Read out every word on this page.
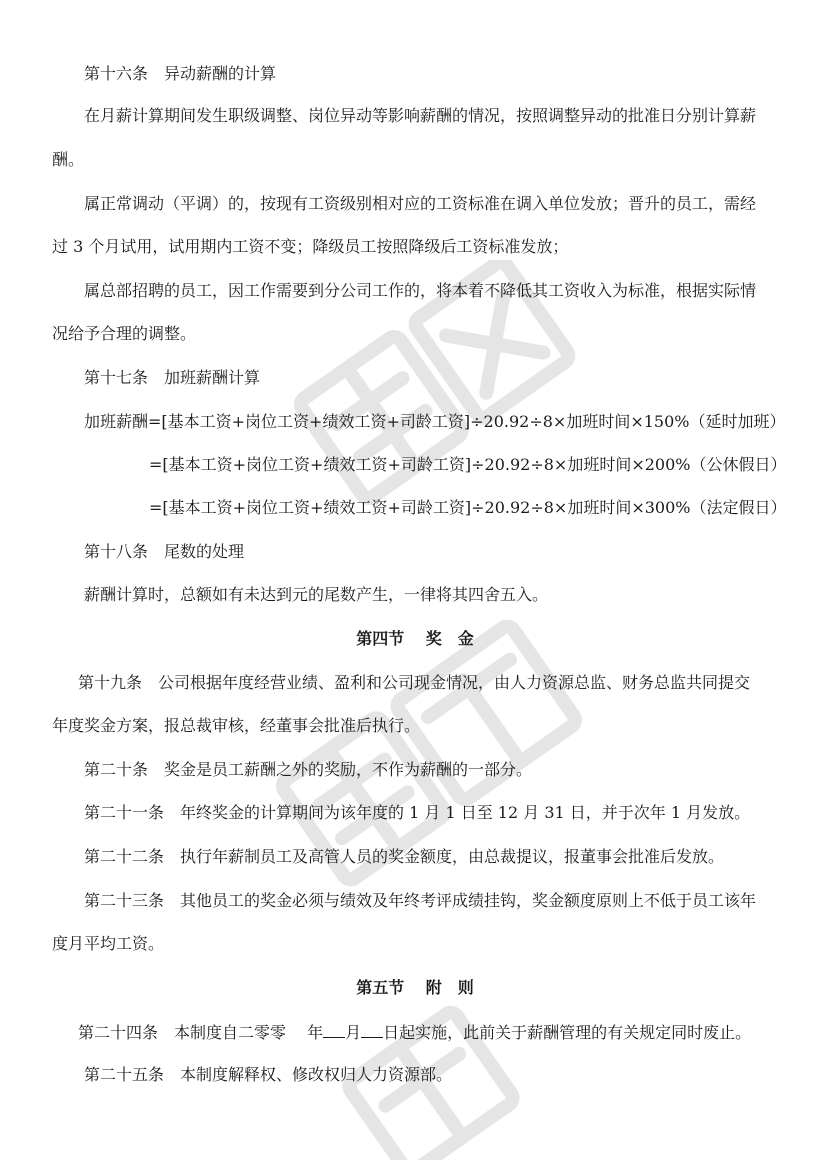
第十六条　异动薪酬的计算
在月薪计算期间发生职级调整、岗位异动等影响薪酬的情况，按照调整异动的批准日分别计算薪
酬。
属正常调动（平调）的，按现有工资级别相对应的工资标准在调入单位发放；晋升的员工，需经
过 3 个月试用，试用期内工资不变；降级员工按照降级后工资标准发放；
属总部招聘的员工，因工作需要到分公司工作的，将本着不降低其工资收入为标准，根据实际情
况给予合理的调整。
第十七条　加班薪酬计算
加班薪酬=[基本工资+岗位工资+绩效工资+司龄工资]÷20.92÷8×加班时间×150%（延时加班）
=[基本工资+岗位工资+绩效工资+司龄工资]÷20.92÷8×加班时间×200%（公休假日）
=[基本工资+岗位工资+绩效工资+司龄工资]÷20.92÷8×加班时间×300%（法定假日）
第十八条　尾数的处理
薪酬计算时，总额如有未达到元的尾数产生，一律将其四舍五入。
第四节　 奖　金
第十九条　公司根据年度经营业绩、盈利和公司现金情况，由人力资源总监、财务总监共同提交
年度奖金方案，报总裁审核，经董事会批准后执行。
第二十条　奖金是员工薪酬之外的奖励，不作为薪酬的一部分。
第二十一条　年终奖金的计算期间为该年度的 1 月 1 日至 12 月 31 日，并于次年 1 月发放。
第二十二条　执行年薪制员工及高管人员的奖金额度，由总裁提议，报董事会批准后发放。
第二十三条　其他员工的奖金必须与绩效及年终考评成绩挂钩，奖金额度原则上不低于员工该年
度月平均工资。
第五节　 附　则
第二十四条　本制度自二零零　 年 月 日起实施，此前关于薪酬管理的有关规定同时废止。
第二十五条　本制度解释权、修改权归人力资源部。
